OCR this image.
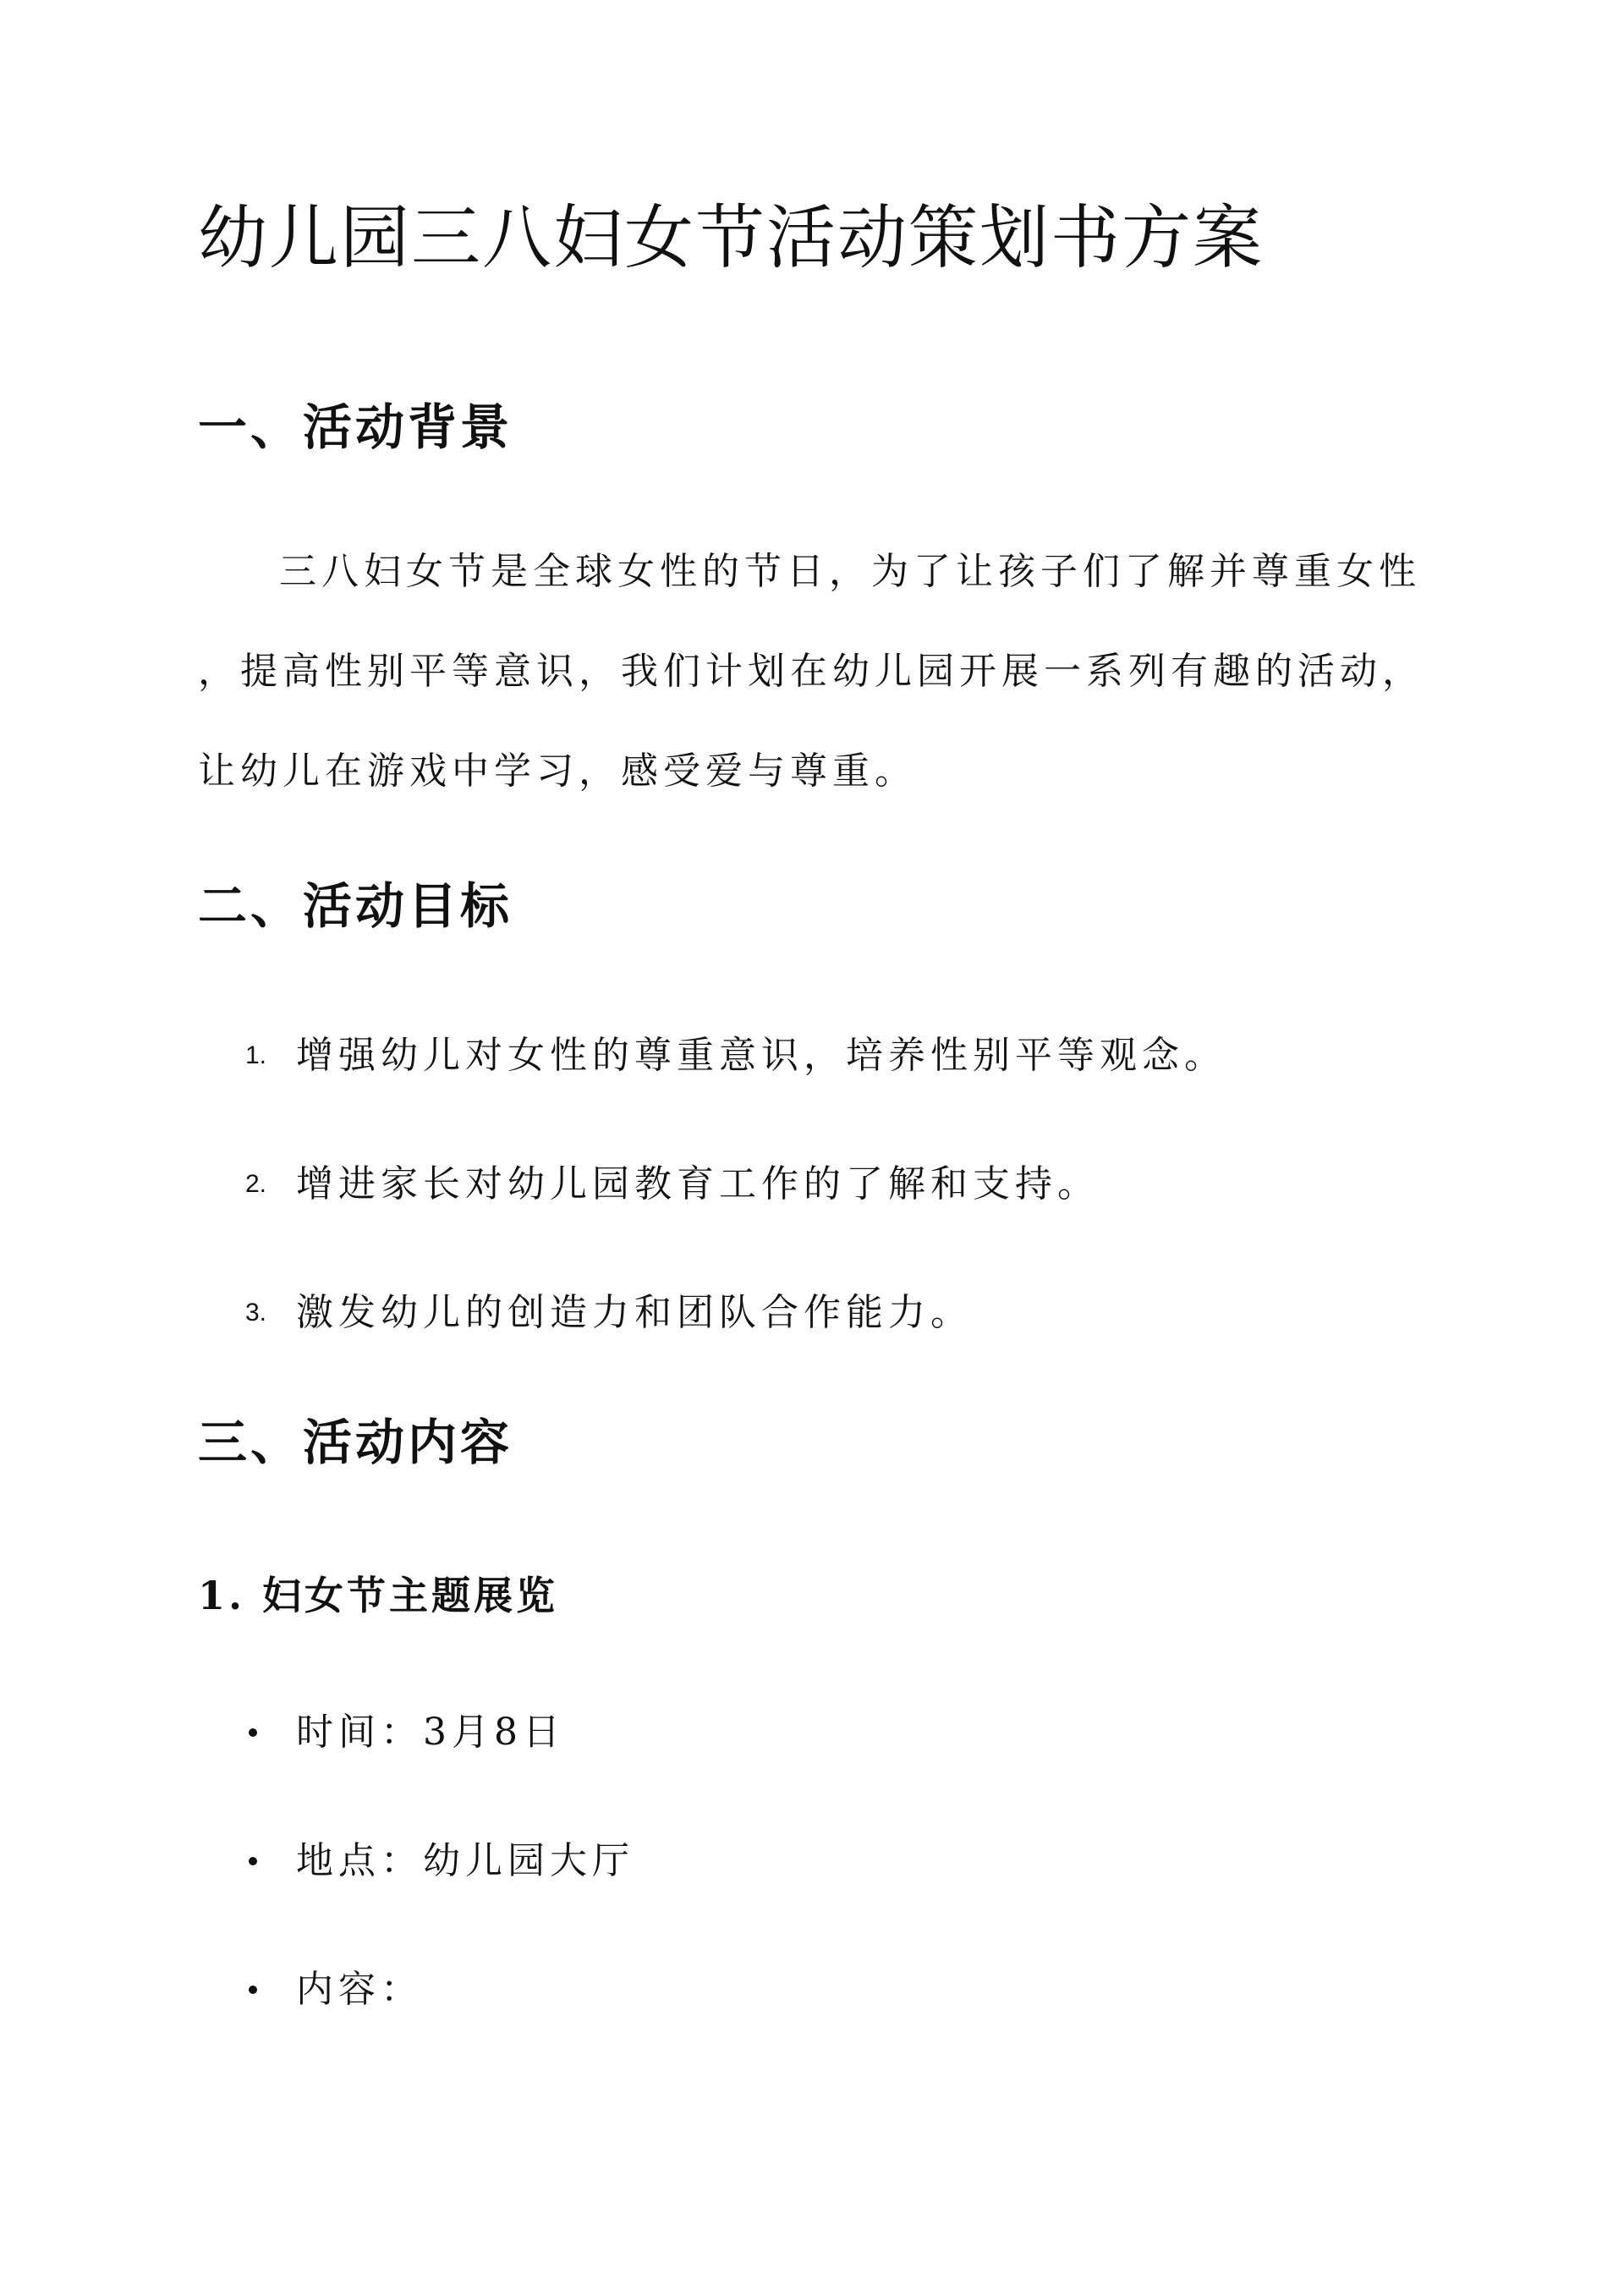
幼儿园三八妇女节活动策划书方案
一、活动背景

三八妇女节是全球女性的节日，为了让孩子们了解并尊重女性

，提高性别平等意识，我们计划在幼儿园开展一系列有趣的活动，

让幼儿在游戏中学习，感受爱与尊重。

二、活动目标
1. 增强幼儿对女性的尊重意识，培养性别平等观念。
2. 增进家长对幼儿园教育工作的了解和支持。
3. 激发幼儿的创造力和团队合作能力。
三、活动内容
1. 妇女节主题展览
时间：3月8日
地点：幼儿园大厅
内容：
